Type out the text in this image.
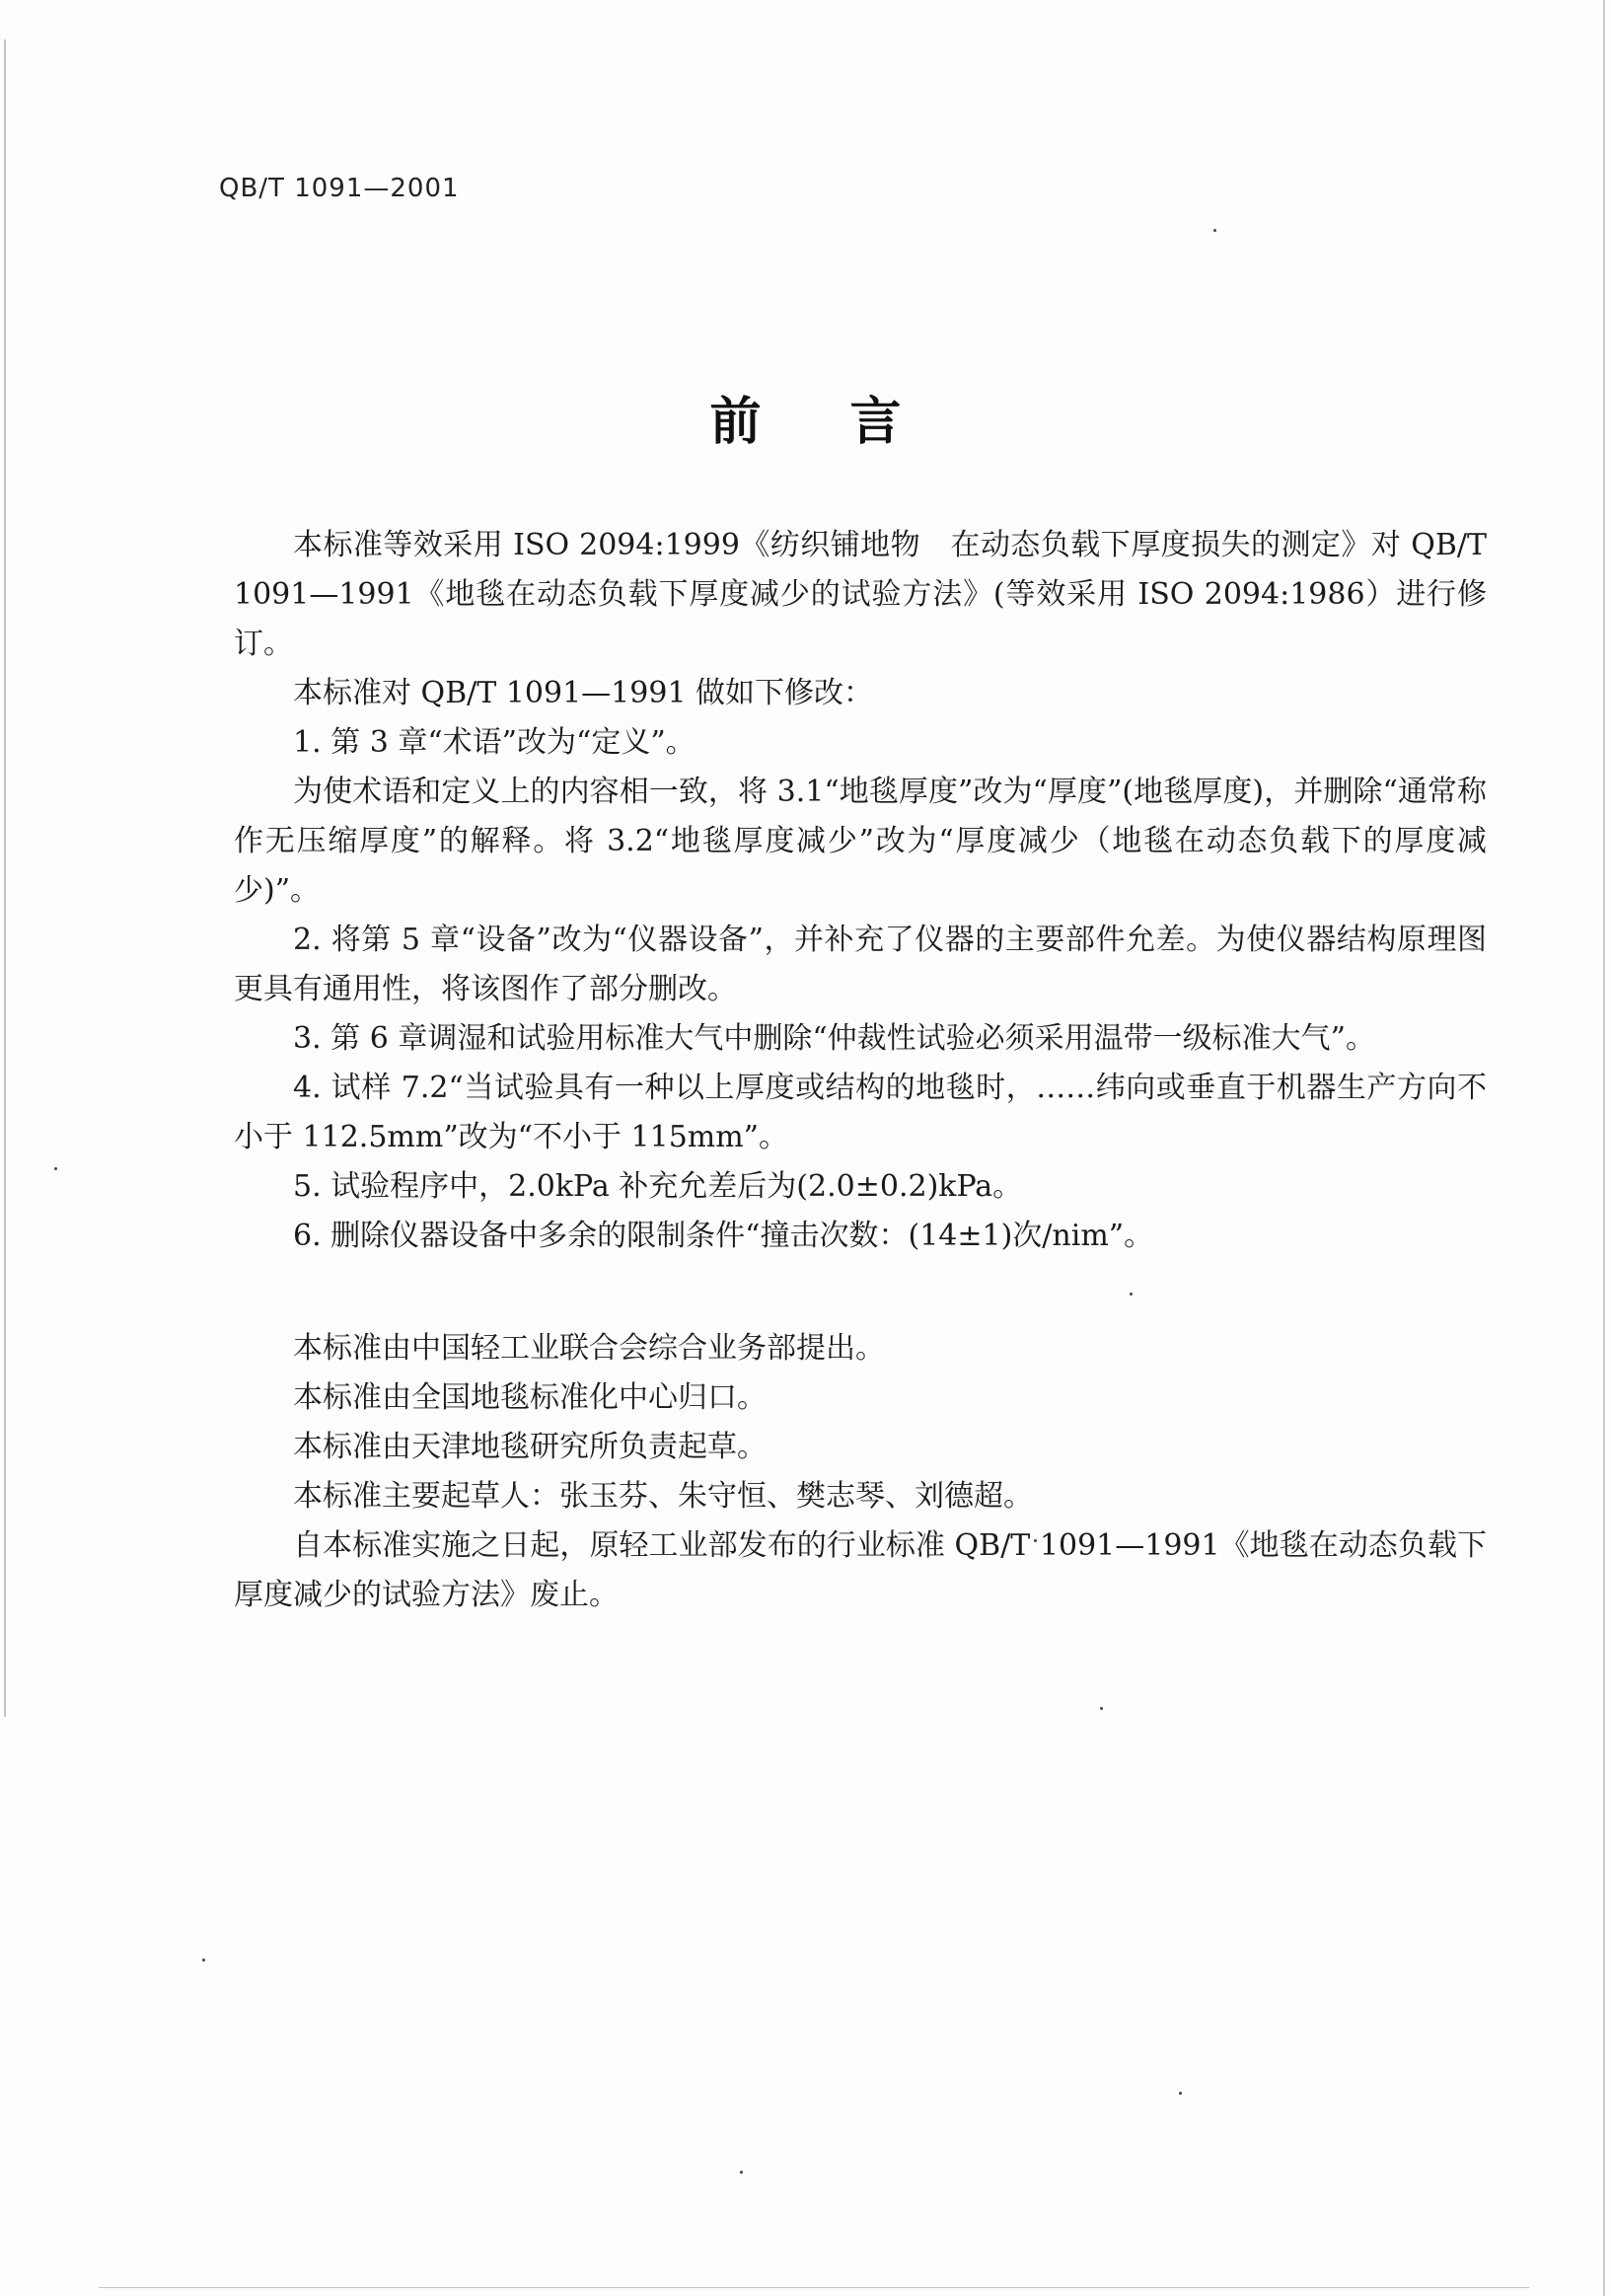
QB/T 1091—2001
前言

本标准等效采用 ISO 2094:1999《纺织铺地物　在动态负载下厚度损失的测定》对 QB/T 1091—1991《地毯在动态负载下厚度减少的试验方法》(等效采用 ISO 2094:1986）进行修订。

本标准对 QB/T 1091—1991 做如下修改：

1. 第 3 章“术语”改为“定义”。

为使术语和定义上的内容相一致，将 3.1“地毯厚度”改为“厚度”(地毯厚度)，并删除“通常称作无压缩厚度”的解释。将 3.2“地毯厚度减少”改为“厚度减少（地毯在动态负载下的厚度减少)”。

2. 将第 5 章“设备”改为“仪器设备”，并补充了仪器的主要部件允差。为使仪器结构原理图更具有通用性，将该图作了部分删改。

3. 第 6 章调湿和试验用标准大气中删除“仲裁性试验必须采用温带一级标准大气”。

4. 试样 7.2“当试验具有一种以上厚度或结构的地毯时，……纬向或垂直于机器生产方向不小于 112.5mm”改为“不小于 115mm”。

5. 试验程序中，2.0kPa 补充允差后为(2.0±0.2)kPa。

6. 删除仪器设备中多余的限制条件“撞击次数：(14±1)次/nim”。

本标准由中国轻工业联合会综合业务部提出。

本标准由全国地毯标准化中心归口。

本标准由天津地毯研究所负责起草。

本标准主要起草人：张玉芬、朱守恒、樊志琴、刘德超。

自本标准实施之日起，原轻工业部发布的行业标准 QB/T 1091—1991《地毯在动态负载下厚度减少的试验方法》废止。
